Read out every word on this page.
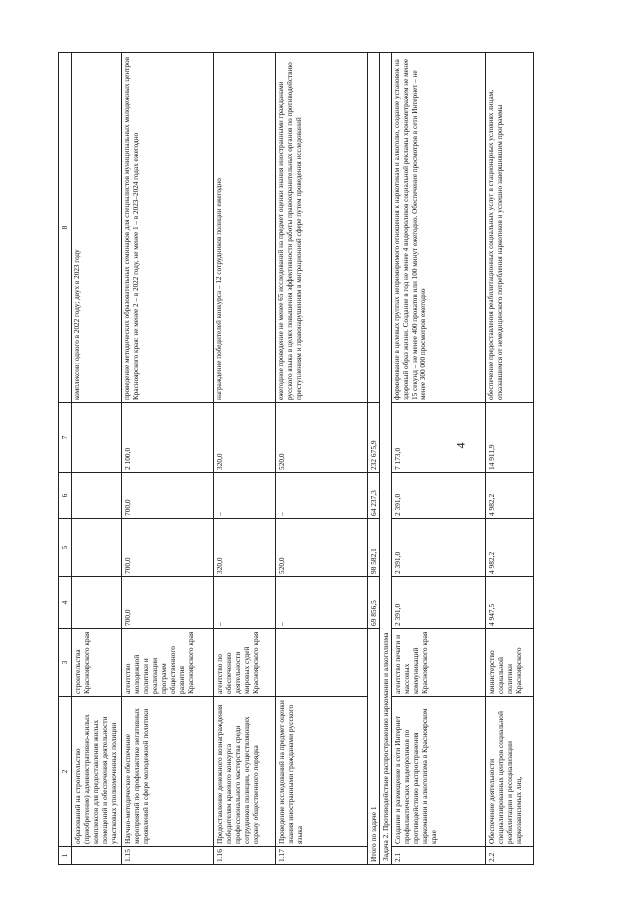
4
1	2	3	4	5	6	7	8
	образований на строительство (приобретение) административно-жилых комплексов для предоставления жилых помещений и обеспечения деятельности участковых уполномоченных полиции	строительства Красноярского края					комплексов: одного в 2022 году; двух в 2023 году
1.15	Научно-методическое обеспечение мероприятий по профилактике негативных проявлений в сфере молодежной политики	агентство молодежной политики и реализации программ общественного развития Красноярского края	700,0	700,0	700,0	2 100,0	проведение методических образовательных семинаров для специалистов муниципальных молодежных центров Красноярского края: не менее 2 – в 2022 году, не менее 1 – в 2023–2024 годах ежегодно
1.16	Предоставление денежного вознаграждения победителям краевого конкурса профессионального мастерства среди сотрудников полиции, осуществляющих охрану общественного порядка	агентство по обеспечению деятельности мировых судей Красноярского края	–	320,0	–	320,0	награждение победителей конкурса – 12 сотрудников полиции ежегодно
1.17	Проведение исследований на предмет оценки знания иностранными гражданами русского языка		–	520,0	–	520,0	ежегодное проведение не менее 65 исследований на предмет оценки знания иностранными гражданами русского языка в целях повышения эффективности работы правоохранительных органов по противодействию преступлениям и правонарушениям в миграционной сфере путем проведения исследований
Итого по задаче 1			69 856,5	98 582,1	64 237,3	232 675,9	
Задача 2. Противодействие распространению наркомании и алкоголизма							
2.1	Создание и размещение в сети Интернет профилактических видеороликов по противодействию распространения наркомании и алкоголизма в Красноярском крае	агентство печати и массовых коммуникаций Красноярского края	2 391,0	2 391,0	2 391,0	7 173,0	формирование в целевых группах непримиримого отношения к наркотикам и алкоголю, создание установок на здоровый образ жизни. Создание в год не менее 4 видеороликов социальной рекламы хронометражем не менее 15 секунд – не менее 400 прокатов или 100 минут ежегодно. Обеспечение просмотров в сети Интернет – не менее 300 000 просмотров ежегодно
2.2	Обеспечение деятельности специализированных центров социальной реабилитации и ресоциализации наркозависимых лиц,	министерство социальной политики Красноярского	4 947,5	4 982,2	4 982,2	14 911,9	обеспечение предоставления реабилитационных социальных услуг в стационарных условиях лицам, отказавшимся от немедицинского потребления наркотиков и успешно завершившим программы
